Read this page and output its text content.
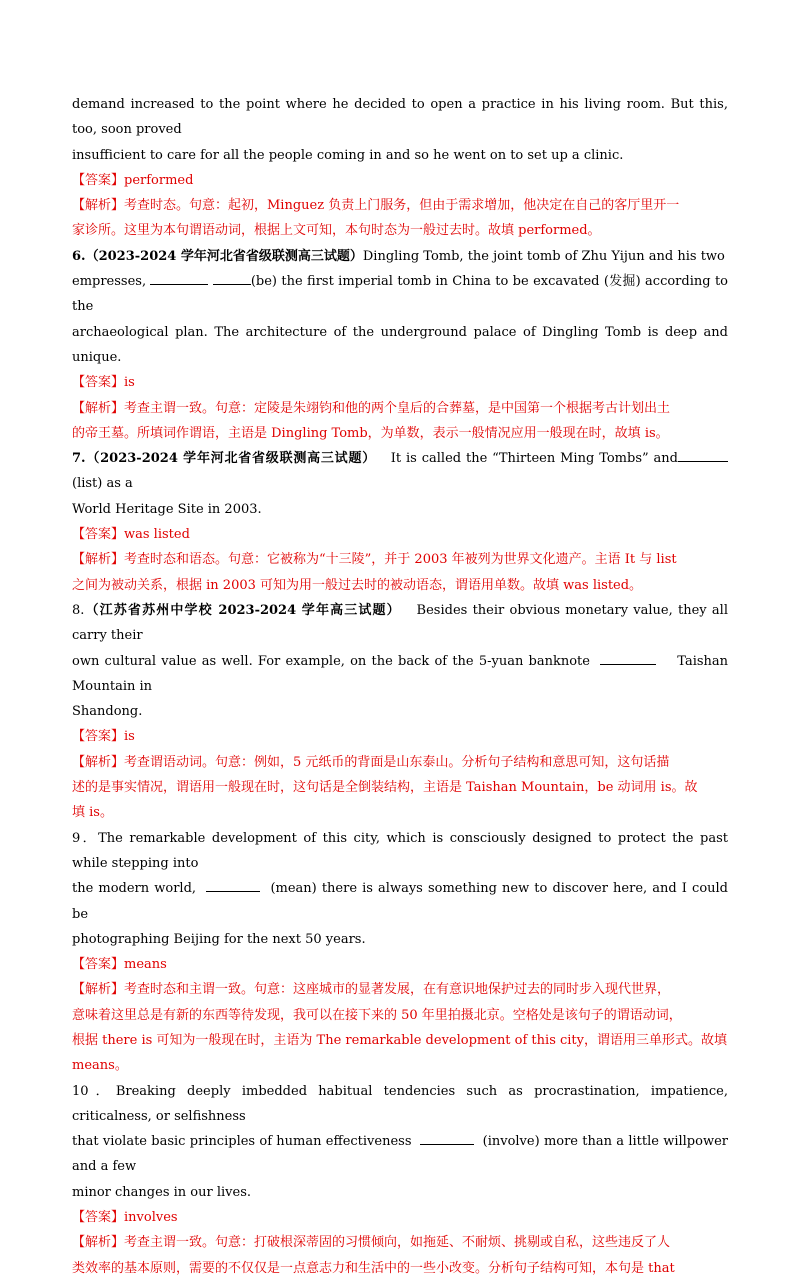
demand increased to the point where he decided to open a practice in his living room. But this, too, soon proved

insufficient to care for all the people coming in and so he went on to set up a clinic.

【答案】performed

【解析】考查时态。句意：起初，Minguez 负责上门服务，但由于需求增加，他决定在自己的客厅里开一

家诊所。这里为本句谓语动词，根据上文可知，本句时态为一般过去时。故填 performed。

6.（2023-2024 学年河北省省级联测高三试题）Dingling Tomb, the joint tomb of Zhu Yijun and his two

empresses,	(be) the first imperial tomb in China to be excavated (发掘) according to the

archaeological plan. The architecture of the underground palace of Dingling Tomb is deep and unique.

【答案】is

【解析】考查主谓一致。句意：定陵是朱翊钧和他的两个皇后的合葬墓，是中国第一个根据考古计划出土

的帝王墓。所填词作谓语，主语是 Dingling Tomb，为单数，表示一般情况应用一般现在时，故填 is。

7.（2023-2024 学年河北省省级联测高三试题） It is called the “Thirteen Ming Tombs” and (list) as a

World Heritage Site in 2003.

【答案】was listed

【解析】考查时态和语态。句意：它被称为“十三陵”，并于 2003 年被列为世界文化遗产。主语 It 与 list

之间为被动关系，根据 in 2003 可知为用一般过去时的被动语态，谓语用单数。故填 was listed。

8.（江苏省苏州中学校 2023-2024 学年高三试题） Besides their obvious monetary value, they all carry their

own cultural value as well. For example, on the back of the 5-yuan banknote	Taishan Mountain in

Shandong.

【答案】is

【解析】考查谓语动词。句意：例如，5 元纸币的背面是山东泰山。分析句子结构和意思可知，这句话描

述的是事实情况，谓语用一般现在时，这句话是全倒装结构，主语是 Taishan Mountain，be 动词用 is。故

填 is。

9．The remarkable development of this city, which is consciously designed to protect the past while stepping into

the modern world,	(mean) there is always something new to discover here, and I could be

photographing Beijing for the next 50 years.

【答案】means

【解析】考查时态和主谓一致。句意：这座城市的显著发展，在有意识地保护过去的同时步入现代世界，

意味着这里总是有新的东西等待发现，我可以在接下来的 50 年里拍摄北京。空格处是该句子的谓语动词，

根据 there is 可知为一般现在时，主语为 The remarkable development of this city，谓语用三单形式。故填

means。

10．Breaking deeply imbedded habitual tendencies such as procrastination, impatience, criticalness, or selfishness

that violate basic principles of human effectiveness	(involve) more than a little willpower and a few

minor changes in our lives.

【答案】involves

【解析】考查主谓一致。句意：打破根深蒂固的习惯倾向，如拖延、不耐烦、挑剔或自私，这些违反了人

类效率的基本原则，需要的不仅仅是一点意志力和生活中的一些小改变。分析句子结构可知，本句是 that
